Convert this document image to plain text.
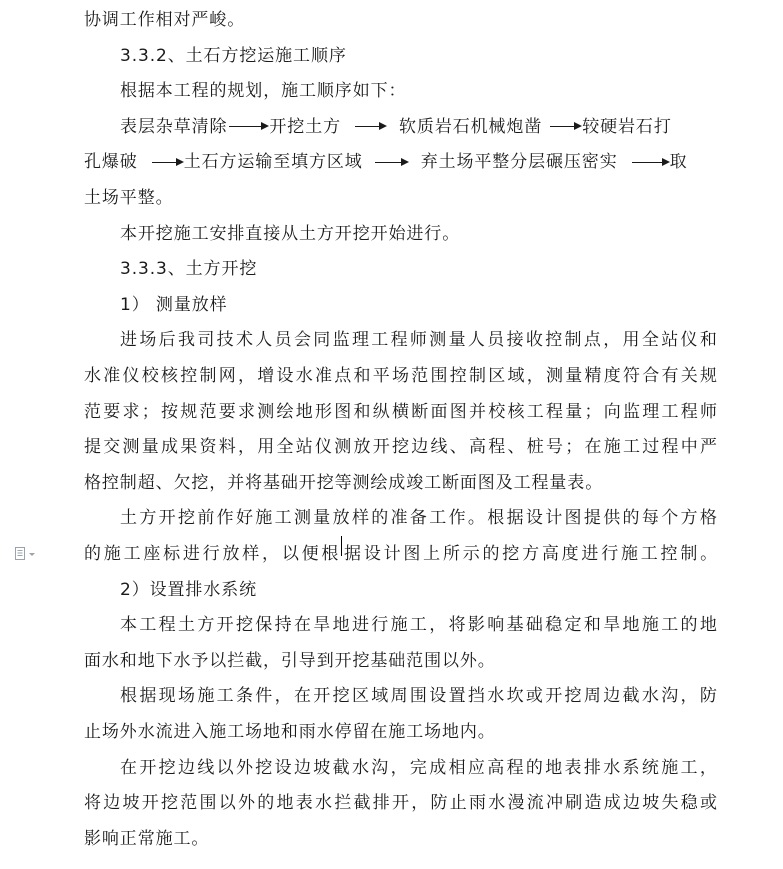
协调工作相对严峻。
3.3.2、土石方挖运施工顺序
根据本工程的规划，施工顺序如下：
表层杂草清除 开挖土方	软质岩石机械炮凿 较硬岩石打
孔爆破	土石方运输至填方区域	弃土场平整分层碾压密实	取
土场平整。
本开挖施工安排直接从土方开挖开始进行。
3.3.3、土方开挖
1） 测量放样
进 场 后 我 司 技 术 人 员 会 同 监 理 工 程 师 测 量 人 员 接 收 控 制 点 ， 用 全 站 仪 和
水 准 仪 校 核 控 制 网 ， 增 设 水 准 点 和 平 场 范 围 控 制 区 域 ， 测 量 精 度 符 合 有 关 规
范 要 求 ； 按 规 范 要 求 测 绘 地 形 图 和 纵 横 断 面 图 并 校 核 工 程 量 ； 向 监 理 工 程 师
提 交 测 量 成 果 资 料 ， 用 全 站 仪 测 放 开 挖 边 线 、 高 程 、 桩 号 ； 在 施 工 过 程 中 严
格控制超、欠挖，并将基础开挖等测绘成竣工断面图及工程量表。
土 方 开 挖 前 作 好 施 工 测 量 放 样 的 准 备 工 作 。 根 据 设 计 图 提 供 的 每 个 方 格
的 施 工 座 标 进 行 放 样 ， 以 便 根 据 设 计 图 上 所 示 的 挖 方 高 度 进 行 施 工 控 制 。
2）设置排水系统
本 工 程 土 方 开 挖 保 持 在 旱 地 进 行 施 工 ， 将 影 响 基 础 稳 定 和 旱 地 施 工 的 地
面水和地下水予以拦截，引导到开挖基础范围以外。
根 据 现 场 施 工 条 件 ， 在 开 挖 区 域 周 围 设 置 挡 水 坎 或 开 挖 周 边 截 水 沟 ， 防
止场外水流进入施工场地和雨水停留在施工场地内。
在 开 挖 边 线 以 外 挖 设 边 坡 截 水 沟 ， 完 成 相 应 高 程 的 地 表 排 水 系 统 施 工 ，
将 边 坡 开 挖 范 围 以 外 的 地 表 水 拦 截 排 开 ， 防 止 雨 水 漫 流 冲 刷 造 成 边 坡 失 稳 或
影响正常施工。
